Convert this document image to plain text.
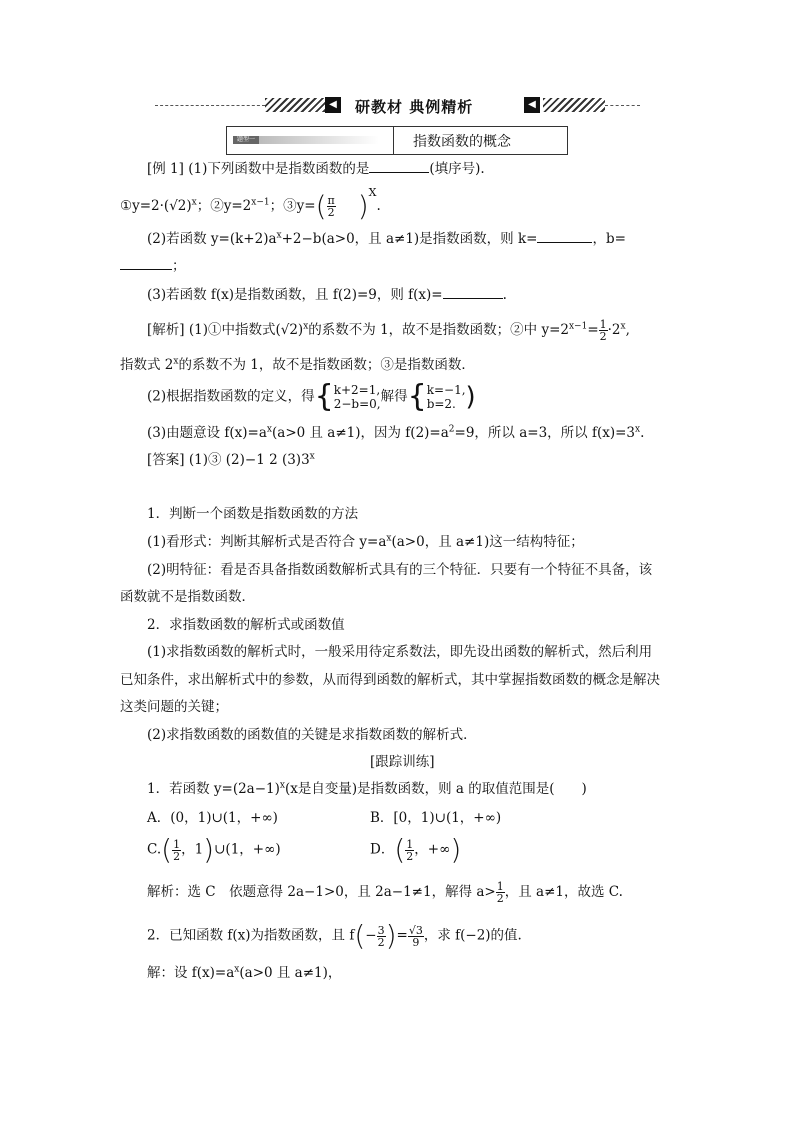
◀ 研教材 典例精析	◀
题型一	指数函数的概念
[例 1] (1)下列函数中是指数函数的是	(填序号).
$①y=2\cdot(√2)^x$；$②y=2^{x-1}$；③y=( $\frac{\pi}{2} )^X$.
(2)若函数 $y=(k+2)a^x+2-b(a>0$，且 a≠1)是指数函数，则 k=	，b=
；
(3)若函数 f(x)是指数函数，且 f(2)=9，则 f(x)=	.
[解析] (1)①中指数式$(√2)^x$的系数不为 1，故不是指数函数；②中 $y=2^{x-1}= \frac{1}{2} \cdot 2^x$,
指数式 2$^x$的系数不为 1，故不是指数函数；③是指数函数．
(2)根据指数函数的定义，得{ k+2=1,
2−b=0, 解得{ k=−1,
b=2. )
(3)由题意设 $f(x)=a^x(a>0$ 且 a≠1)，因为 $f(2)=a^2=9$，所以 a=3，所以 $f(x)=3^x$.
[答案] (1)③ (2)−1 2 (3)3$^x$
1．判断一个函数是指数函数的方法
(1)看形式：判断其解析式是否符合 $y=a^x(a>0$，且 a≠1)这一结构特征；
(2)明特征：看是否具备指数函数解析式具有的三个特征．只要有一个特征不具备，该
函数就不是指数函数．
2．求指数函数的解析式或函数值
(1)求指数函数的解析式时，一般采用待定系数法，即先设出函数的解析式，然后利用
已知条件，求出解析式中的参数，从而得到函数的解析式，其中掌握指数函数的概念是解决
这类问题的关键；
(2)求指数函数的函数值的关键是求指数函数的解析式．
[跟踪训练]
1．若函数 $y=(2a-1)^x(x$是自变量)是指数函数，则 a 的取值范围是(　　)
A．(0，1)∪(1，+∞)	B．[0，1)∪(1，+∞)
$C.( \frac{1}{2}$ ，1)∪(1，+∞)	D．( $\frac{1}{2}$ ，+∞)
解析：选 C　依题意得 2a−1>0，且 2a−1≠1，解得 $a> \frac{1}{2}$ ，且 a≠1，故选 C.
2．已知函数 f(x)为指数函数，且 $f(- \frac{3}{2}$ )= $\frac{√3}{9}$ ，求 f(−2)的值.
解：设 $f(x)=a^x(a>0$ 且 a≠1)，
